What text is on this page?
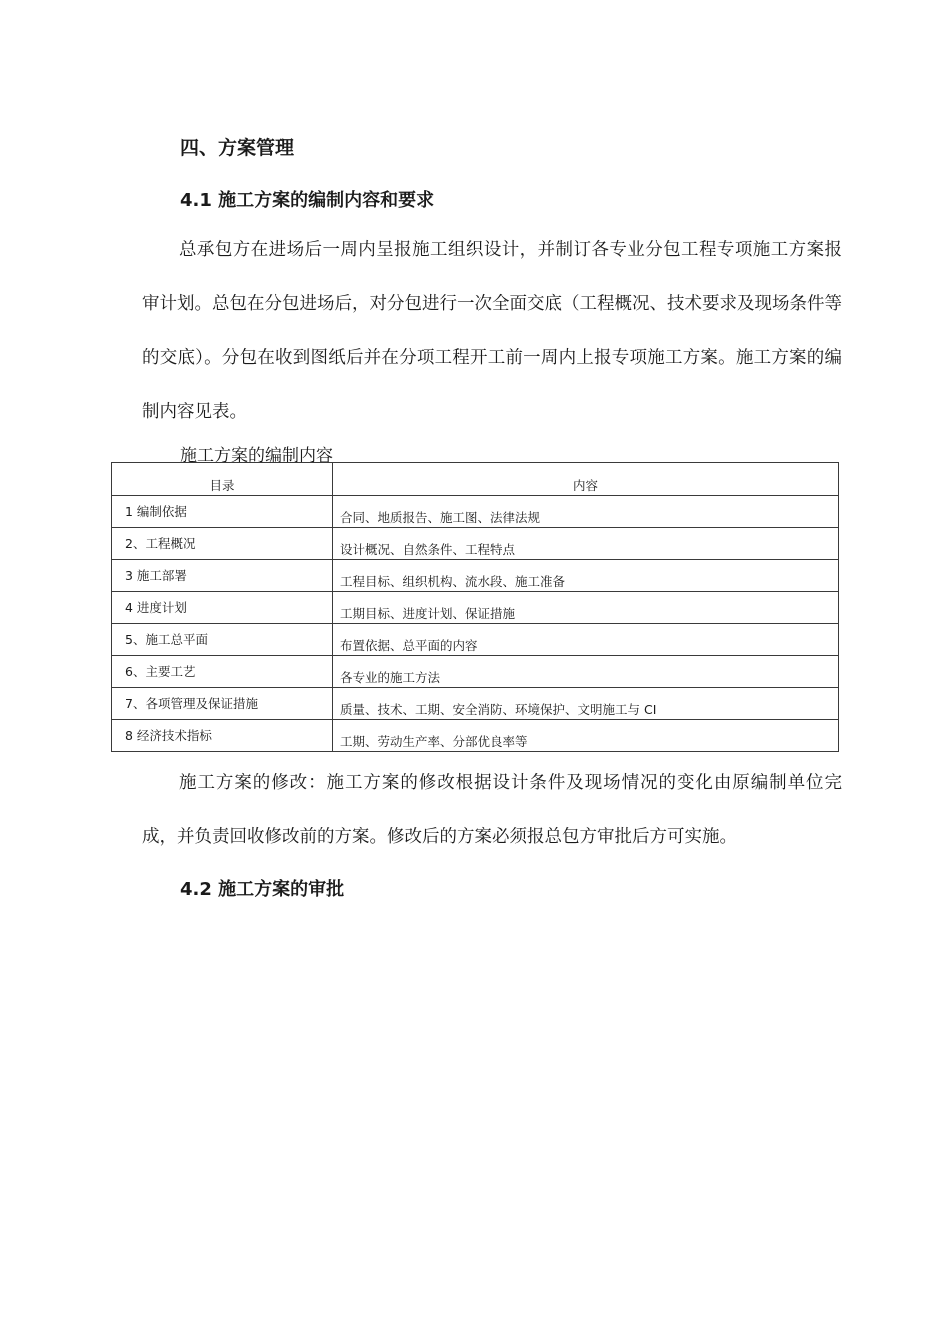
四、方案管理
4.1 施工方案的编制内容和要求

总承包方在进场后一周内呈报施工组织设计，并制订各专业分包工程专项施工方案报审计划。总包在分包进场后，对分包进行一次全面交底（工程概况、技术要求及现场条件等的交底）。分包在收到图纸后并在分项工程开工前一周内上报专项施工方案。施工方案的编制内容见表。

施工方案的编制内容
目录	内容
1 编制依据	合同、地质报告、施工图、法律法规
2、工程概况	设计概况、自然条件、工程特点
3 施工部署	工程目标、组织机构、流水段、施工准备
4 进度计划	工期目标、进度计划、保证措施
5、施工总平面	布置依据、总平面的内容
6、主要工艺	各专业的施工方法
7、各项管理及保证措施	质量、技术、工期、安全消防、环境保护、文明施工与 CI
8 经济技术指标	工期、劳动生产率、分部优良率等

施工方案的修改：施工方案的修改根据设计条件及现场情况的变化由原编制单位完成，并负责回收修改前的方案。修改后的方案必须报总包方审批后方可实施。

4.2 施工方案的审批
